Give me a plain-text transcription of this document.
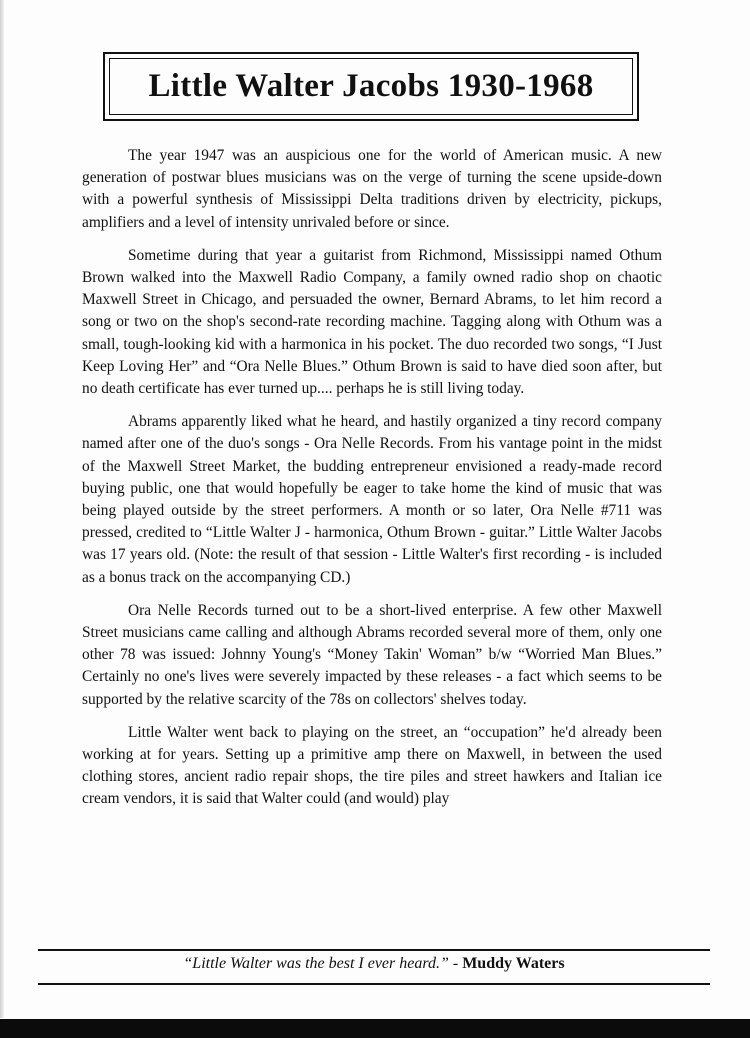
Little Walter Jacobs 1930-1968

The year 1947 was an auspicious one for the world of American music. A new generation of postwar blues musicians was on the verge of turning the scene upside-down with a powerful synthesis of Mississippi Delta traditions driven by electricity, pickups, amplifiers and a level of intensity unrivaled before or since.

Sometime during that year a guitarist from Richmond, Mississippi named Othum Brown walked into the Maxwell Radio Company, a family owned radio shop on chaotic Maxwell Street in Chicago, and persuaded the owner, Bernard Abrams, to let him record a song or two on the shop's second-rate recording machine. Tagging along with Othum was a small, tough-looking kid with a harmonica in his pocket. The duo recorded two songs, “I Just Keep Loving Her” and “Ora Nelle Blues.” Othum Brown is said to have died soon after, but no death certificate has ever turned up.... perhaps he is still living today.

Abrams apparently liked what he heard, and hastily organized a tiny record company named after one of the duo's songs - Ora Nelle Records. From his vantage point in the midst of the Maxwell Street Market, the budding entrepreneur envisioned a ready-made record buying public, one that would hopefully be eager to take home the kind of music that was being played outside by the street performers. A month or so later, Ora Nelle #711 was pressed, credited to “Little Walter J - harmonica, Othum Brown - guitar.” Little Walter Jacobs was 17 years old. (Note: the result of that session - Little Walter's first recording - is included as a bonus track on the accompanying CD.)

Ora Nelle Records turned out to be a short-lived enterprise. A few other Maxwell Street musicians came calling and although Abrams recorded several more of them, only one other 78 was issued: Johnny Young's “Money Takin' Woman” b/w “Worried Man Blues.” Certainly no one's lives were severely impacted by these releases - a fact which seems to be supported by the relative scarcity of the 78s on collectors' shelves today.

Little Walter went back to playing on the street, an “occupation” he'd already been working at for years. Setting up a primitive amp there on Maxwell, in between the used clothing stores, ancient radio repair shops, the tire piles and street hawkers and Italian ice cream vendors, it is said that Walter could (and would) play

“Little Walter was the best I ever heard.” - Muddy Waters
